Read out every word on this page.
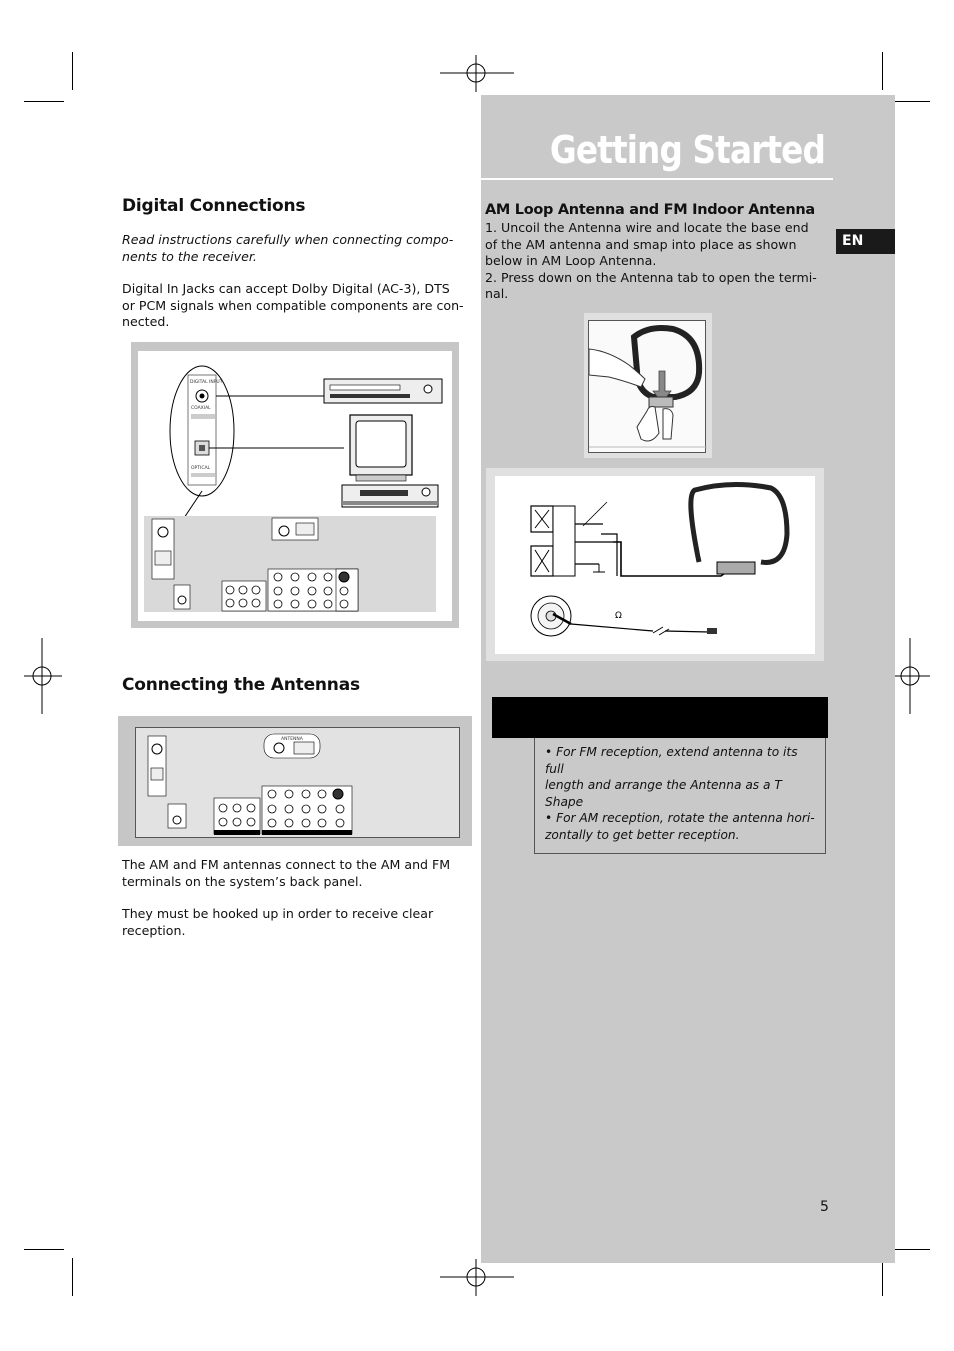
Getting Started
EN
Digital Connections

Read instructions carefully when connecting compo-

nents to the receiver.

Digital In Jacks can accept Dolby Digital (AC-3), DTS

or PCM signals when compatible components are con-

nected.

DIGITAL INPUT
COAXIAL
OPTICAL
Connecting the Antennas
ANTENNA

The AM and FM antennas connect to the AM and FM

terminals on the system’s back panel.

They must be hooked up in order to receive clear

reception.

AM Loop Antenna and FM Indoor Antenna

1. Uncoil the Antenna wire and locate the base end

of the AM antenna and smap into place as shown

below in AM Loop Antenna.

2. Press down on the Antenna tab to open the termi-

nal.

Ω

• For FM reception, extend antenna to its full

length and arrange the Antenna as a T Shape

• For AM reception, rotate the antenna hori-

zontally to get better reception.

5
